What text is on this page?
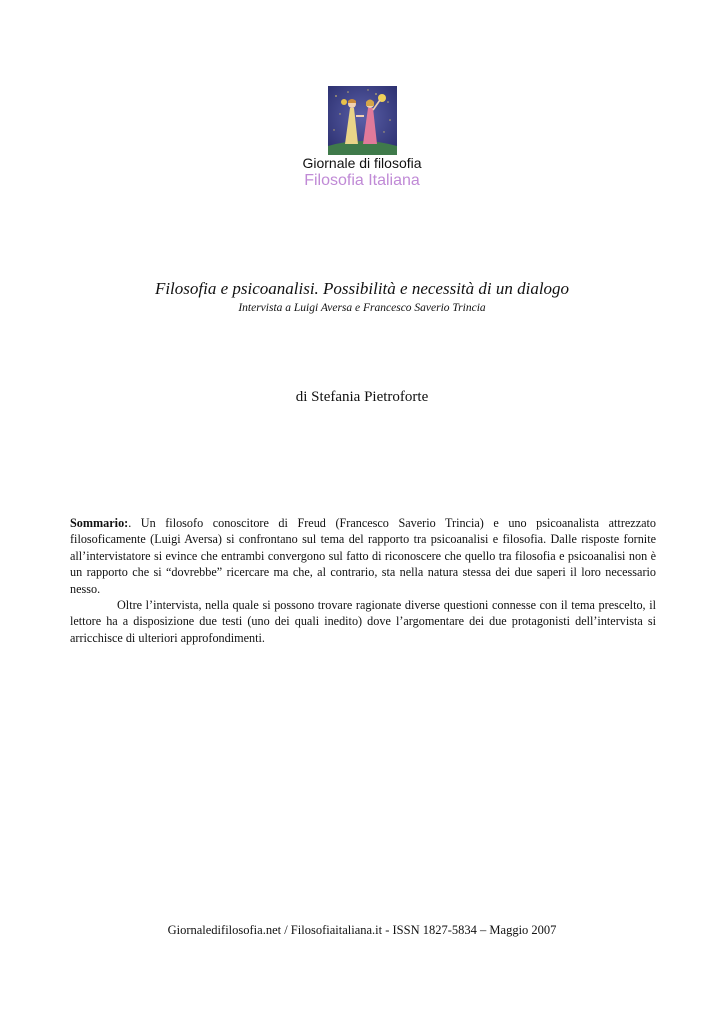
Giornale di filosofia
Filosofia Italiana
Filosofia e psicoanalisi. Possibilità e necessità di un dialogo
Intervista a Luigi Aversa e Francesco Saverio Trincia
di Stefania Pietroforte

Sommario:. Un filosofo conoscitore di Freud (Francesco Saverio Trincia) e uno psicoanalista attrezzato filosoficamente (Luigi Aversa) si confrontano sul tema del rapporto tra psicoanalisi e filosofia. Dalle risposte fornite all’intervistatore si evince che entrambi convergono sul fatto di riconoscere che quello tra filosofia e psicoanalisi non è un rapporto che si “dovrebbe” ricercare ma che, al contrario, sta nella natura stessa dei due saperi il loro necessario nesso.

Oltre l’intervista, nella quale si possono trovare ragionate diverse questioni connesse con il tema prescelto, il lettore ha a disposizione due testi (uno dei quali inedito) dove l’argomentare dei due protagonisti dell’intervista si arricchisce di ulteriori approfondimenti.

Giornaledifilosofia.net / Filosofiaitaliana.it - ISSN 1827-5834 – Maggio 2007
